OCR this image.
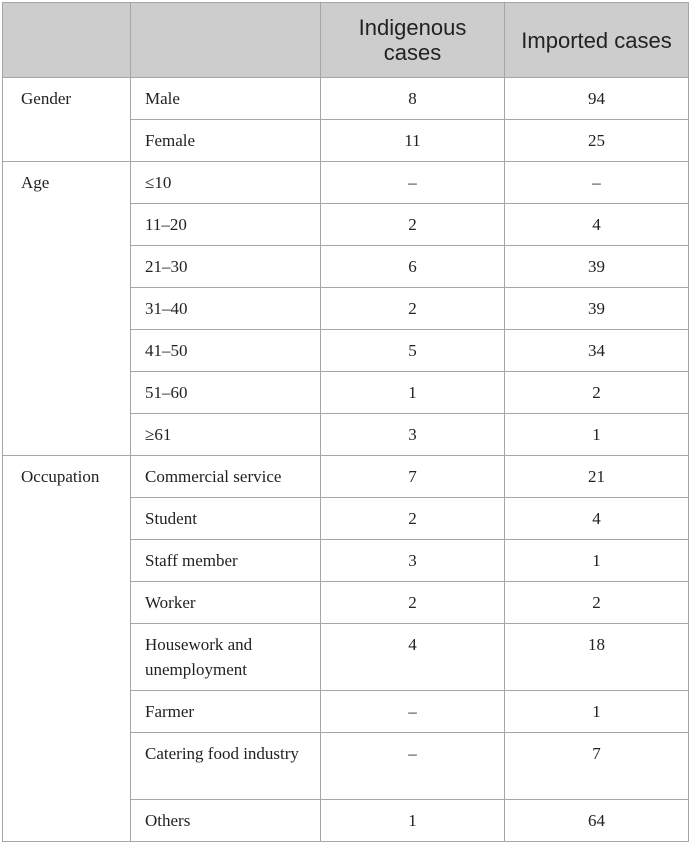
		Indigenous cases	Imported cases
Gender	Male	8	94
	Female	11	25
Age	≤10	–	–
	11–20	2	4
	21–30	6	39
	31–40	2	39
	41–50	5	34
	51–60	1	2
	≥61	3	1
Occupation	Commercial service	7	21
	Student	2	4
	Staff member	3	1
	Worker	2	2
	Housework and unemployment	4	18
	Farmer	–	1
	Catering food industry	–	7
	Others	1	64
